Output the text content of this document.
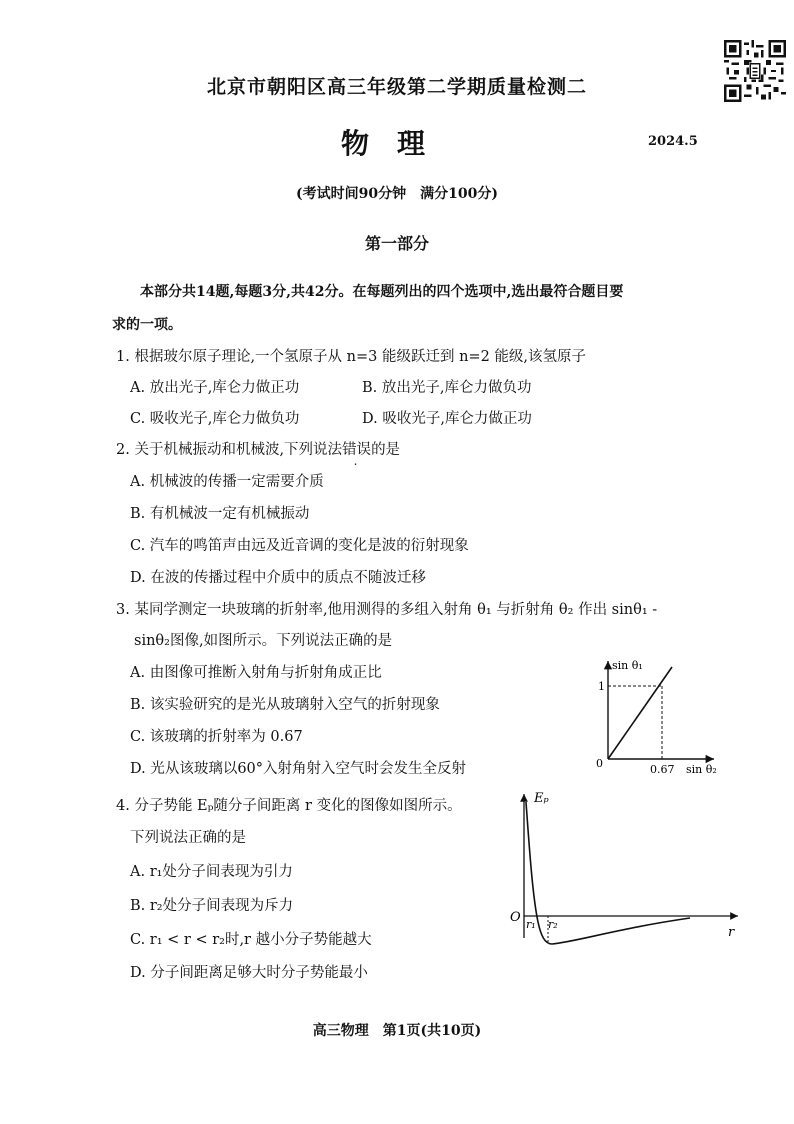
北京市朝阳区高三年级第二学期质量检测二
物理	2024.5
(考试时间90分钟　满分100分)
第一部分
本部分共14题,每题3分,共42分。在每题列出的四个选项中,选出最符合题目要
求的一项。
1. 根据玻尔原子理论,一个氢原子从 n=3 能级跃迁到 n=2 能级,该氢原子
A. 放出光子,库仑力做正功	B. 放出光子,库仑力做负功
C. 吸收光子,库仑力做负功	D. 吸收光子,库仑力做正功
2. 关于机械振动和机械波,下列说法错误的是
A. 机械波的传播一定需要介质
B. 有机械波一定有机械振动
C. 汽车的鸣笛声由远及近音调的变化是波的衍射现象
D. 在波的传播过程中介质中的质点不随波迁移
3. 某同学测定一块玻璃的折射率,他用测得的多组入射角 θ₁ 与折射角 θ₂ 作出 sinθ₁ -
sinθ₂图像,如图所示。下列说法正确的是
A. 由图像可推断入射角与折射角成正比
B. 该实验研究的是光从玻璃射入空气的折射现象
C. 该玻璃的折射率为 0.67
D. 光从该玻璃以60°入射角射入空气时会发生全反射
sin θ₁
1
0	0.67 sin θ₂
4. 分子势能 Eₚ随分子间距离 r 变化的图像如图所示。
下列说法正确的是
A. r₁处分子间表现为引力
B. r₂处分子间表现为斥力
C. r₁ < r < r₂时,r 越小分子势能越大
D. 分子间距离足够大时分子势能最小
Eₚ
O r₁ r₂
r
高三物理　第1页(共10页)
